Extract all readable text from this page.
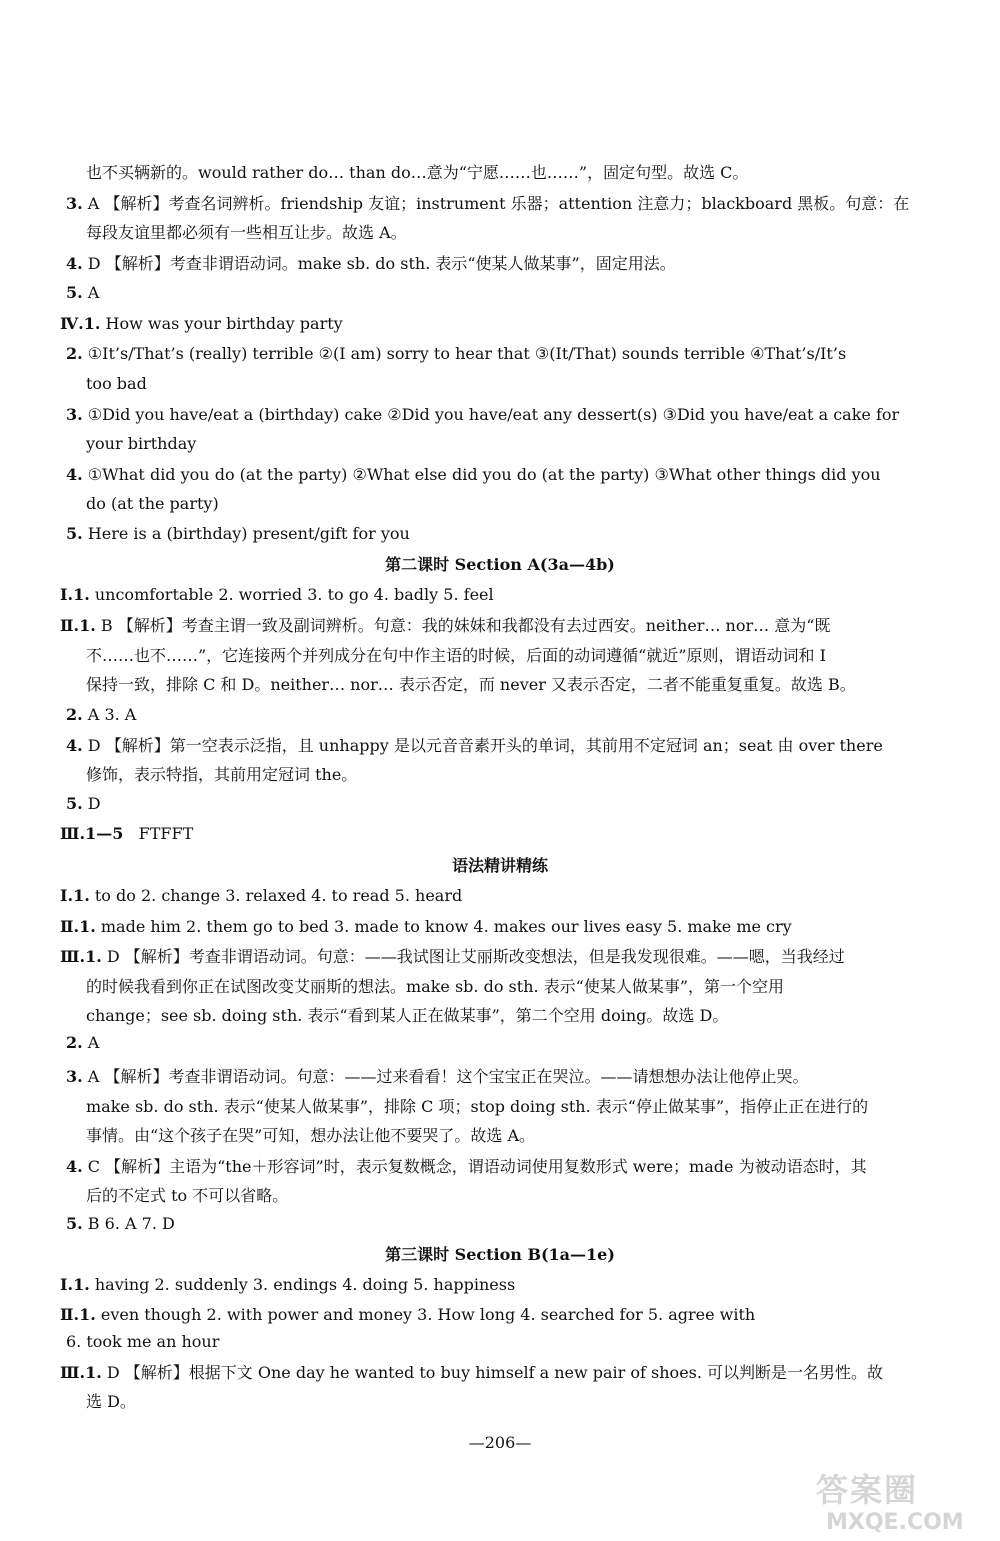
也不买辆新的。would rather do… than do…意为“宁愿……也……”，固定句型。故选 C。
3. A 【解析】考查名词辨析。friendship 友谊；instrument 乐器；attention 注意力；blackboard 黑板。句意：在
每段友谊里都必须有一些相互让步。故选 A。
4. D 【解析】考查非谓语动词。make sb. do sth. 表示“使某人做某事”，固定用法。
5. A
Ⅳ.1. How was your birthday party
2. ①It’s/That’s (really) terrible ②(I am) sorry to hear that ③(It/That) sounds terrible ④That’s/It’s
too bad
3. ①Did you have/eat a (birthday) cake ②Did you have/eat any dessert(s) ③Did you have/eat a cake for
your birthday
4. ①What did you do (at the party) ②What else did you do (at the party) ③What other things did you
do (at the party)
5. Here is a (birthday) present/gift for you
第二课时 Section A(3a—4b)
Ⅰ.1. uncomfortable 2. worried 3. to go 4. badly 5. feel
Ⅱ.1. B 【解析】考查主谓一致及副词辨析。句意：我的妹妹和我都没有去过西安。neither… nor… 意为“既
不……也不……”，它连接两个并列成分在句中作主语的时候，后面的动词遵循“就近”原则，谓语动词和 I
保持一致，排除 C 和 D。neither… nor… 表示否定，而 never 又表示否定，二者不能重复重复。故选 B。
2. A 3. A
4. D 【解析】第一空表示泛指，且 unhappy 是以元音音素开头的单词，其前用不定冠词 an；seat 由 over there
修饰，表示特指，其前用定冠词 the。
5. D
Ⅲ.1—5 FTFFT
语法精讲精练
Ⅰ.1. to do 2. change 3. relaxed 4. to read 5. heard
Ⅱ.1. made him 2. them go to bed 3. made to know 4. makes our lives easy 5. make me cry
Ⅲ.1. D 【解析】考查非谓语动词。句意：——我试图让艾丽斯改变想法，但是我发现很难。——嗯，当我经过
的时候我看到你正在试图改变艾丽斯的想法。make sb. do sth. 表示“使某人做某事”，第一个空用
change；see sb. doing sth. 表示“看到某人正在做某事”，第二个空用 doing。故选 D。
2. A
3. A 【解析】考查非谓语动词。句意：——过来看看！这个宝宝正在哭泣。——请想想办法让他停止哭。
make sb. do sth. 表示“使某人做某事”，排除 C 项；stop doing sth. 表示“停止做某事”，指停止正在进行的
事情。由“这个孩子在哭”可知，想办法让他不要哭了。故选 A。
4. C 【解析】主语为“the＋形容词”时，表示复数概念，谓语动词使用复数形式 were；made 为被动语态时，其
后的不定式 to 不可以省略。
5. B 6. A 7. D
第三课时 Section B(1a—1e)
Ⅰ.1. having 2. suddenly 3. endings 4. doing 5. happiness
Ⅱ.1. even though 2. with power and money 3. How long 4. searched for 5. agree with
6. took me an hour
Ⅲ.1. D 【解析】根据下文 One day he wanted to buy himself a new pair of shoes. 可以判断是一名男性。故
选 D。
—206—
答案圈
MXQE.COM
